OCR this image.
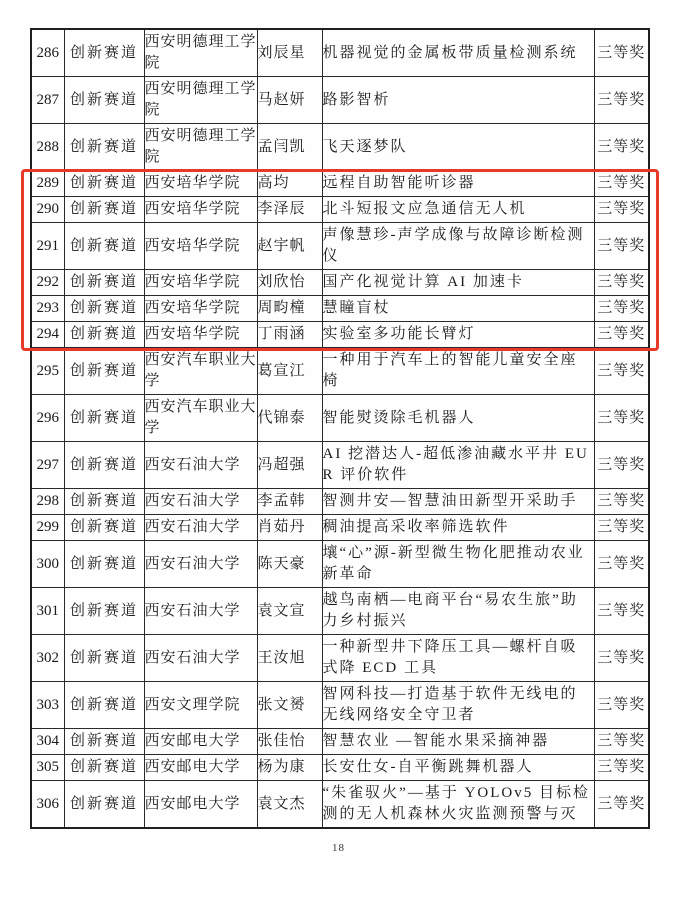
286	创新赛道	西安明德理工学院	刘辰星	机器视觉的金属板带质量检测系统	三等奖
287	创新赛道	西安明德理工学院	马赵妍	路影智析	三等奖
288	创新赛道	西安明德理工学院	孟闫凯	飞天逐梦队	三等奖
289	创新赛道	西安培华学院	高均	远程自助智能听诊器	三等奖
290	创新赛道	西安培华学院	李泽辰	北斗短报文应急通信无人机	三等奖
291	创新赛道	西安培华学院	赵宇帆	声像慧珍-声学成像与故障诊断检测仪	三等奖
292	创新赛道	西安培华学院	刘欣怡	国产化视觉计算 AI 加速卡	三等奖
293	创新赛道	西安培华学院	周畇橦	慧瞳盲杖	三等奖
294	创新赛道	西安培华学院	丁雨涵	实验室多功能长臂灯	三等奖
295	创新赛道	西安汽车职业大学	葛宣江	一种用于汽车上的智能儿童安全座椅	三等奖
296	创新赛道	西安汽车职业大学	代锦泰	智能熨烫除毛机器人	三等奖
297	创新赛道	西安石油大学	冯超强	AI 挖潜达人-超低渗油藏水平井 EUR 评价软件	三等奖
298	创新赛道	西安石油大学	李孟韩	智测井安—智慧油田新型开采助手	三等奖
299	创新赛道	西安石油大学	肖茹丹	稠油提高采收率筛选软件	三等奖
300	创新赛道	西安石油大学	陈天豪	壤“心”源-新型微生物化肥推动农业新革命	三等奖
301	创新赛道	西安石油大学	袁文宣	越鸟南栖—电商平台“易农生旅”助力乡村振兴	三等奖
302	创新赛道	西安石油大学	王汝旭	一种新型井下降压工具—螺杆自吸式降 ECD 工具	三等奖
303	创新赛道	西安文理学院	张文赟	智网科技—打造基于软件无线电的无线网络安全守卫者	三等奖
304	创新赛道	西安邮电大学	张佳怡	智慧农业 —智能水果采摘神器	三等奖
305	创新赛道	西安邮电大学	杨为康	长安仕女-自平衡跳舞机器人	三等奖
306	创新赛道	西安邮电大学	袁文杰	“朱雀驭火”—基于 YOLOv5 目标检测的无人机森林火灾监测预警与灭	三等奖
18
